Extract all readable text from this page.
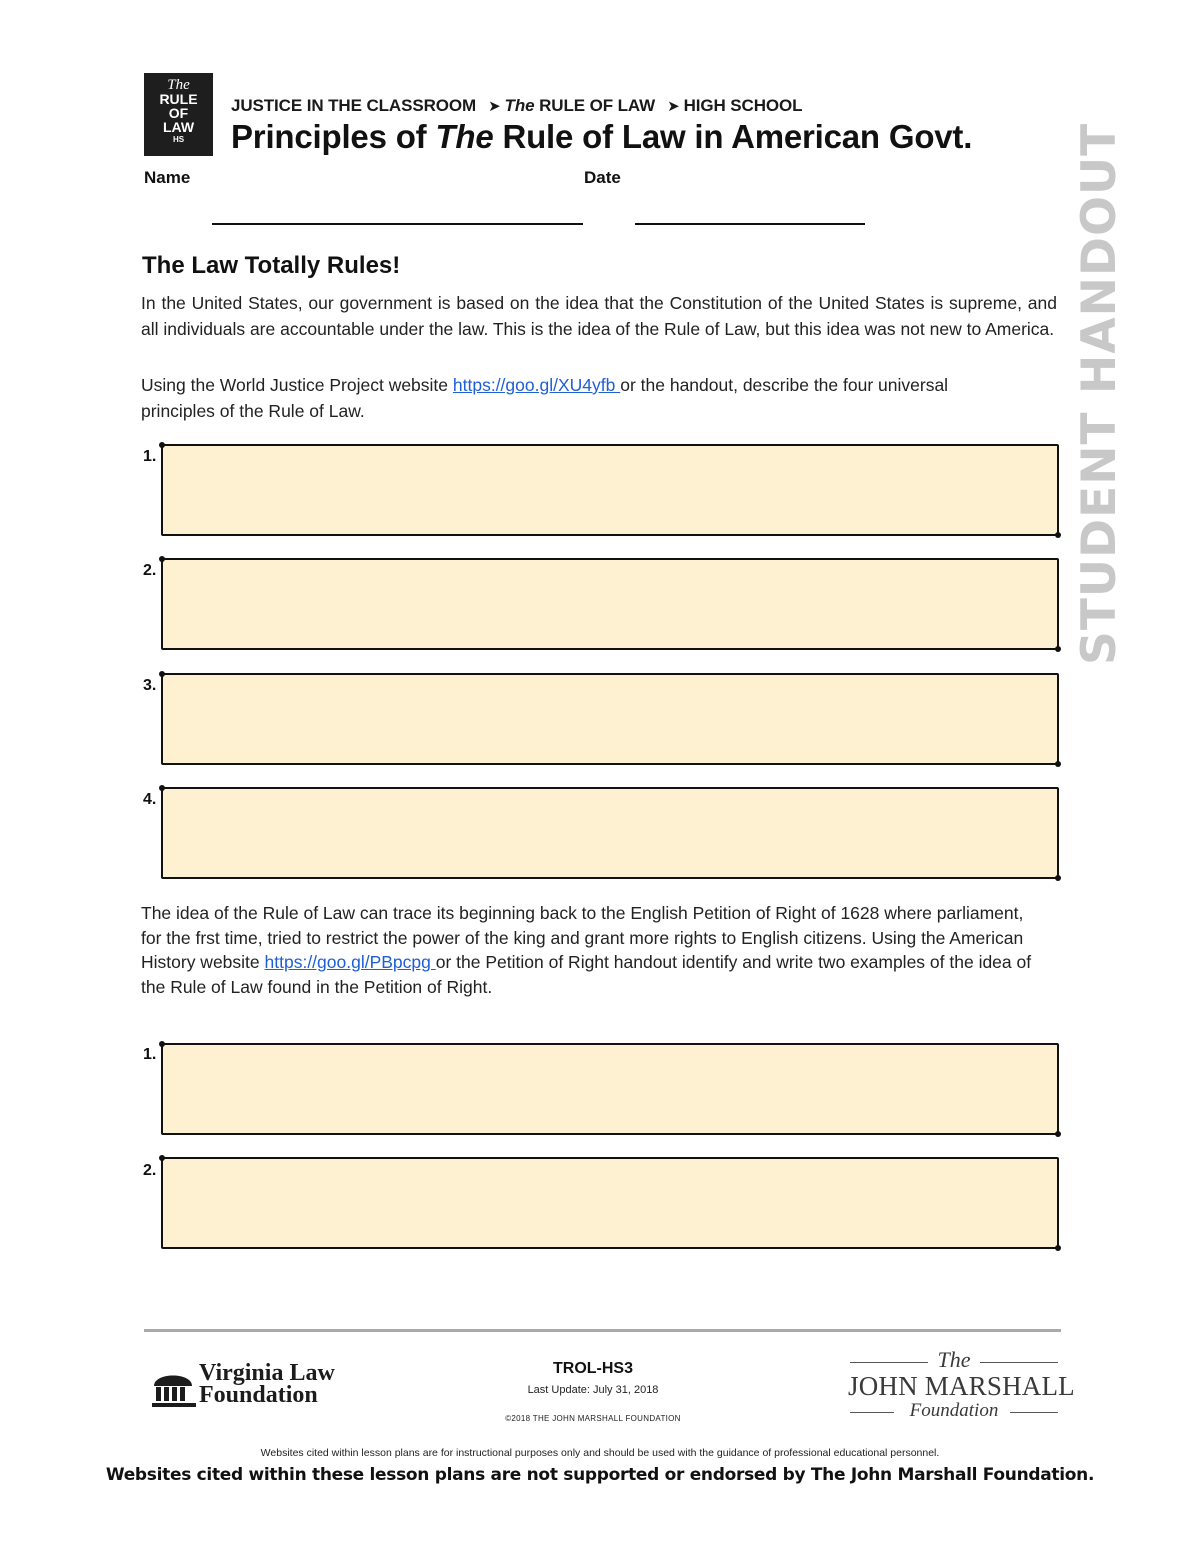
The
RULE
OF
LAW
HS
JUSTICE IN THE CLASSROOM ➤ The RULE OF LAW ➤ HIGH SCHOOL
Principles of The Rule of Law in American Govt. STUDENT HANDOUT
Name	Date
The Law Totally Rules!
In the United States, our government is based on the idea that the Constitution of the United States is supreme, and all individuals are accountable under the law. This is the idea of the Rule of Law, but this idea was not new to America.
Using the World Justice Project website https://goo.gl/XU4yfb or the handout, describe the four universal principles of the Rule of Law.
1.
2.
3.
4.
The idea of the Rule of Law can trace its beginning back to the English Petition of Right of 1628 where parliament, for the frst time, tried to restrict the power of the king and grant more rights to English citizens. Using the American History website https://goo.gl/PBpcpg or the Petition of Right handout identify and write two examples of the idea of the Rule of Law found in the Petition of Right.
1.
2.
Virginia Law
Foundation
TROL-HS3
Last Update: July 31, 2018
©2018 THE JOHN MARSHALL FOUNDATION
The
JOHN MARSHALL
Foundation
Websites cited within lesson plans are for instructional purposes only and should be used with the guidance of professional educational personnel.
Websites cited within these lesson plans are not supported or endorsed by The John Marshall Foundation.
